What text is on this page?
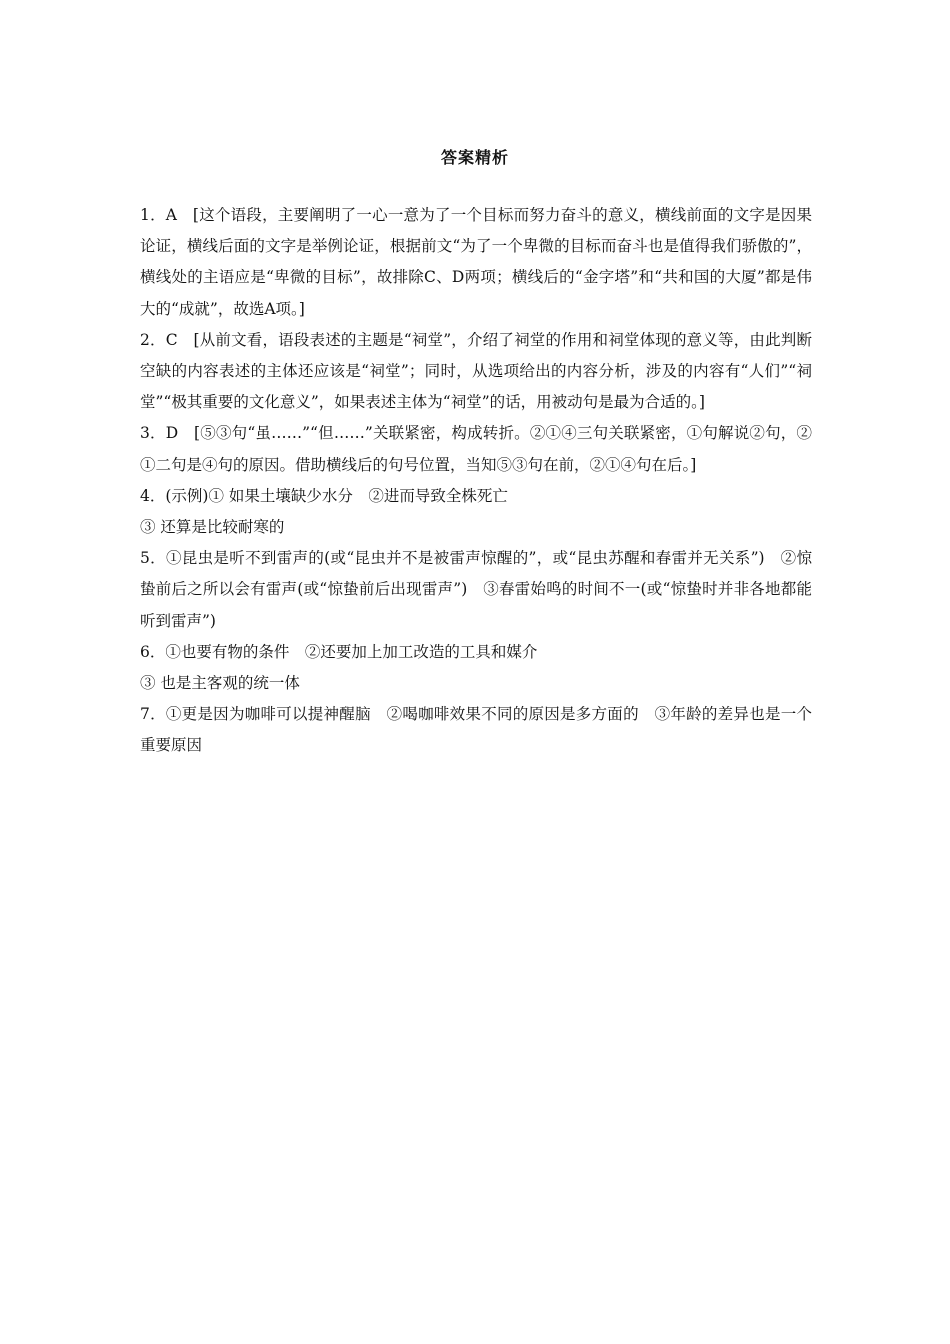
答案精析

1．A　[这个语段，主要阐明了一心一意为了一个目标而努力奋斗的意义，横线前面的文字是因果论证，横线后面的文字是举例论证，根据前文“为了一个卑微的目标而奋斗也是值得我们骄傲的”，横线处的主语应是“卑微的目标”，故排除C、D两项；横线后的“金字塔”和“共和国的大厦”都是伟大的“成就”，故选A项。]

2．C　[从前文看，语段表述的主题是“祠堂”，介绍了祠堂的作用和祠堂体现的意义等，由此判断空缺的内容表述的主体还应该是“祠堂”；同时，从选项给出的内容分析，涉及的内容有“人们”“祠堂”“极其重要的文化意义”，如果表述主体为“祠堂”的话，用被动句是最为合适的。]

3．D　[⑤③句“虽……”“但……”关联紧密，构成转折。②①④三句关联紧密，①句解说②句，②①二句是④句的原因。借助横线后的句号位置，当知⑤③句在前，②①④句在后。]

4．(示例)① 如果土壤缺少水分　②进而导致全株死亡

③ 还算是比较耐寒的

5．①昆虫是听不到雷声的(或“昆虫并不是被雷声惊醒的”，或“昆虫苏醒和春雷并无关系”)　②惊蛰前后之所以会有雷声(或“惊蛰前后出现雷声”)　③春雷始鸣的时间不一(或“惊蛰时并非各地都能听到雷声”)

6．①也要有物的条件　②还要加上加工改造的工具和媒介

③ 也是主客观的统一体

7．①更是因为咖啡可以提神醒脑　②喝咖啡效果不同的原因是多方面的　③年龄的差异也是一个重要原因
